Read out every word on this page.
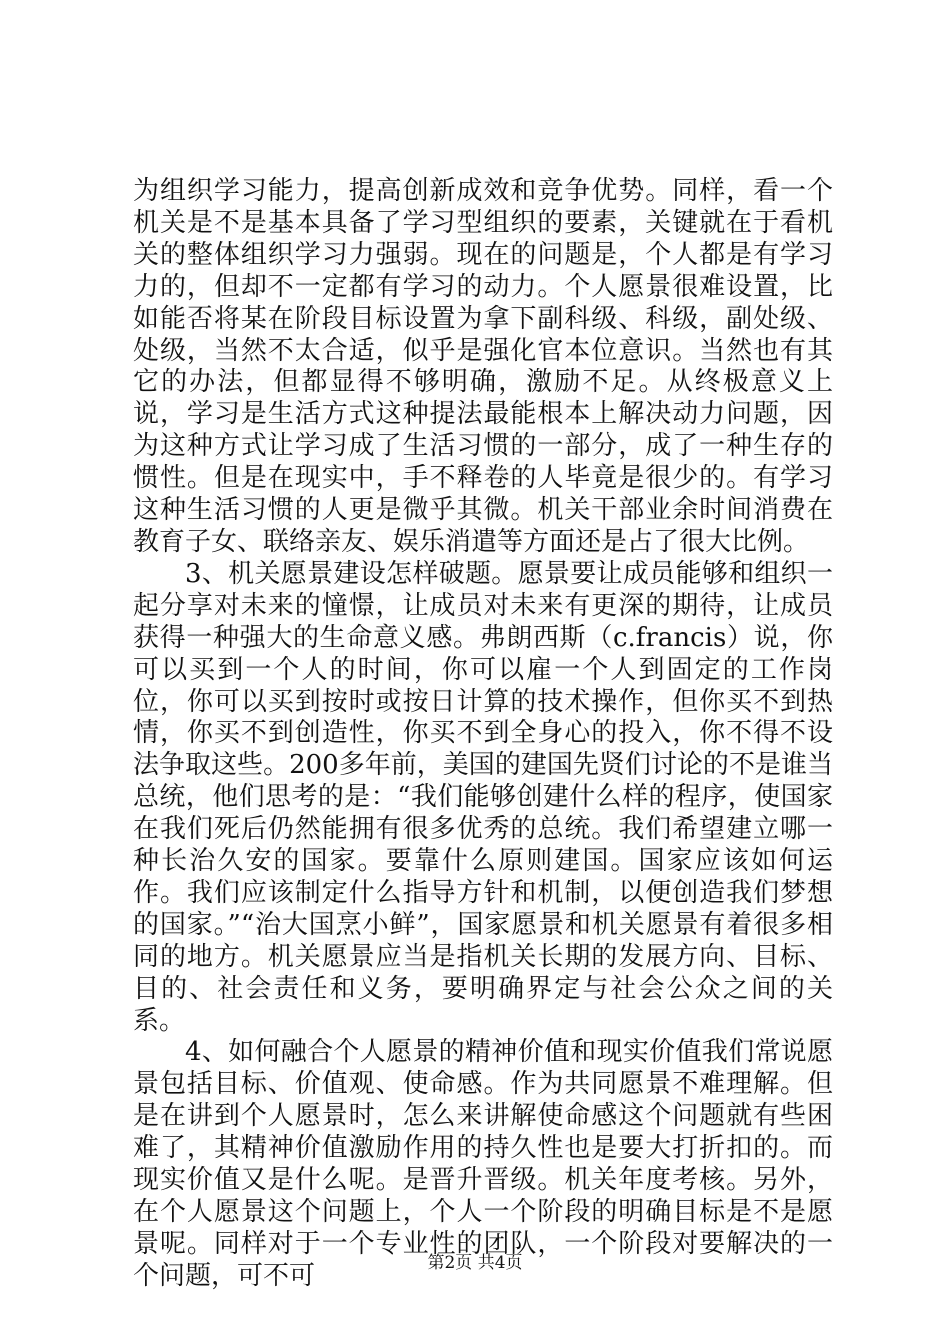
为组织学习能力，提高创新成效和竞争优势。同样，看一个机关是不是基本具备了学习型组织的要素，关键就在于看机关的整体组织学习力强弱。现在的问题是，个人都是有学习力的，但却不一定都有学习的动力。个人愿景很难设置，比如能否将某在阶段目标设置为拿下副科级、科级，副处级、处级，当然不太合适，似乎是强化官本位意识。当然也有其它的办法，但都显得不够明确，激励不足。从终极意义上说，学习是生活方式这种提法最能根本上解决动力问题，因为这种方式让学习成了生活习惯的一部分，成了一种生存的惯性。但是在现实中，手不释卷的人毕竟是很少的。有学习这种生活习惯的人更是微乎其微。机关干部业余时间消费在教育子女、联络亲友、娱乐消遣等方面还是占了很大比例。

3、机关愿景建设怎样破题。愿景要让成员能够和组织一起分享对未来的憧憬，让成员对未来有更深的期待，让成员获得一种强大的生命意义感。弗朗西斯（c.francis）说，你可以买到一个人的时间，你可以雇一个人到固定的工作岗位，你可以买到按时或按日计算的技术操作，但你买不到热情，你买不到创造性，你买不到全身心的投入，你不得不设法争取这些。200多年前，美国的建国先贤们讨论的不是谁当总统，他们思考的是：“我们能够创建什么样的程序，使国家在我们死后仍然能拥有很多优秀的总统。我们希望建立哪一种长治久安的国家。要靠什么原则建国。国家应该如何运作。我们应该制定什么指导方针和机制，以便创造我们梦想的国家。”“治大国烹小鲜”，国家愿景和机关愿景有着很多相同的地方。机关愿景应当是指机关长期的发展方向、目标、目的、社会责任和义务，要明确界定与社会公众之间的关系。

4、如何融合个人愿景的精神价值和现实价值我们常说愿景包括目标、价值观、使命感。作为共同愿景不难理解。但是在讲到个人愿景时，怎么来讲解使命感这个问题就有些困难了，其精神价值激励作用的持久性也是要大打折扣的。而现实价值又是什么呢。是晋升晋级。机关年度考核。另外，在个人愿景这个问题上，个人一个阶段的明确目标是不是愿景呢。同样对于一个专业性的团队，一个阶段对要解决的一个问题，可不可	第2页 共4页
